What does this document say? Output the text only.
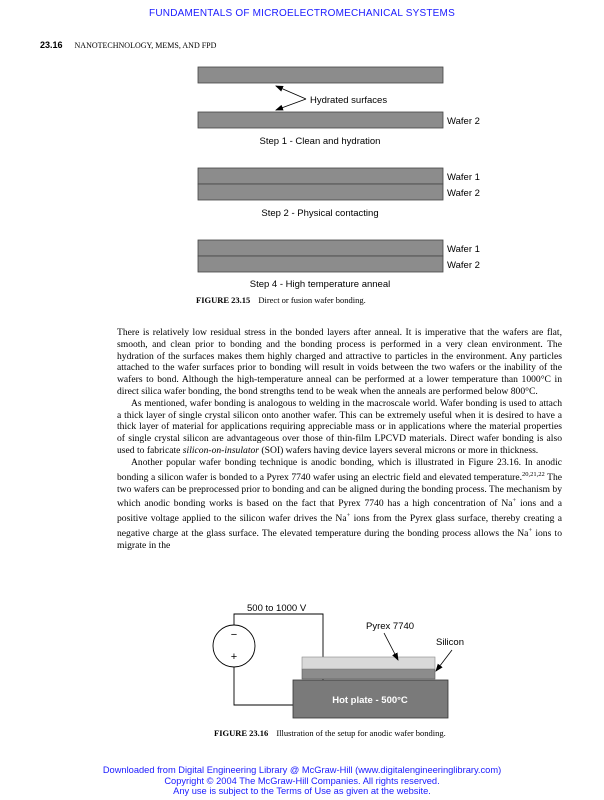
FUNDAMENTALS OF MICROELECTROMECHANICAL SYSTEMS
23.16 NANOTECHNOLOGY, MEMS, AND FPD
Hydrated surfaces
Wafer 2
Step 1 - Clean and hydration
Wafer 1
Wafer 2
Step 2 - Physical contacting
Wafer 1
Wafer 2
Step 4 - High temperature anneal
500 to 1000 V
−
+
Hot plate - 500°C
Pyrex 7740
Silicon
FIGURE 23.15 Direct or fusion wafer bonding.

There is relatively low residual stress in the bonded layers after anneal. It is imperative that the wafers are flat, smooth, and clean prior to bonding and the bonding process is performed in a very clean environment. The hydration of the surfaces makes them highly charged and attractive to particles in the environment. Any particles attached to the wafer surfaces prior to bonding will result in voids between the two wafers or the inability of the wafers to bond. Although the high-temperature anneal can be performed at a lower temperature than 1000°C in direct silica wafer bonding, the bond strengths tend to be weak when the anneals are performed below 800°C.

As mentioned, wafer bonding is analogous to welding in the macroscale world. Wafer bonding is used to attach a thick layer of single crystal silicon onto another wafer. This can be extremely useful when it is desired to have a thick layer of material for applications requiring appreciable mass or in applications where the material properties of single crystal silicon are advantageous over those of thin-film LPCVD materials. Direct wafer bonding is also used to fabricate silicon-on-insulator (SOI) wafers having device layers several microns or more in thickness.

Another popular wafer bonding technique is anodic bonding, which is illustrated in Figure 23.16. In anodic bonding a silicon wafer is bonded to a Pyrex 7740 wafer using an electric field and elevated temperature.$^{20,21,22}$ The two wafers can be preprocessed prior to bonding and can be aligned during the bonding process. The mechanism by which anodic bonding works is based on the fact that Pyrex 7740 has a high concentration of Na+ ions and a positive voltage applied to the silicon wafer drives the Na+ ions from the Pyrex glass surface, thereby creating a negative charge at the glass surface. The elevated temperature during the bonding process allows the Na+ ions to migrate in the

FIGURE 23.16 Illustration of the setup for anodic wafer bonding.
Downloaded from Digital Engineering Library @ McGraw-Hill (www.digitalengineeringlibrary.com)
Copyright © 2004 The McGraw-Hill Companies. All rights reserved.
Any use is subject to the Terms of Use as given at the website.
